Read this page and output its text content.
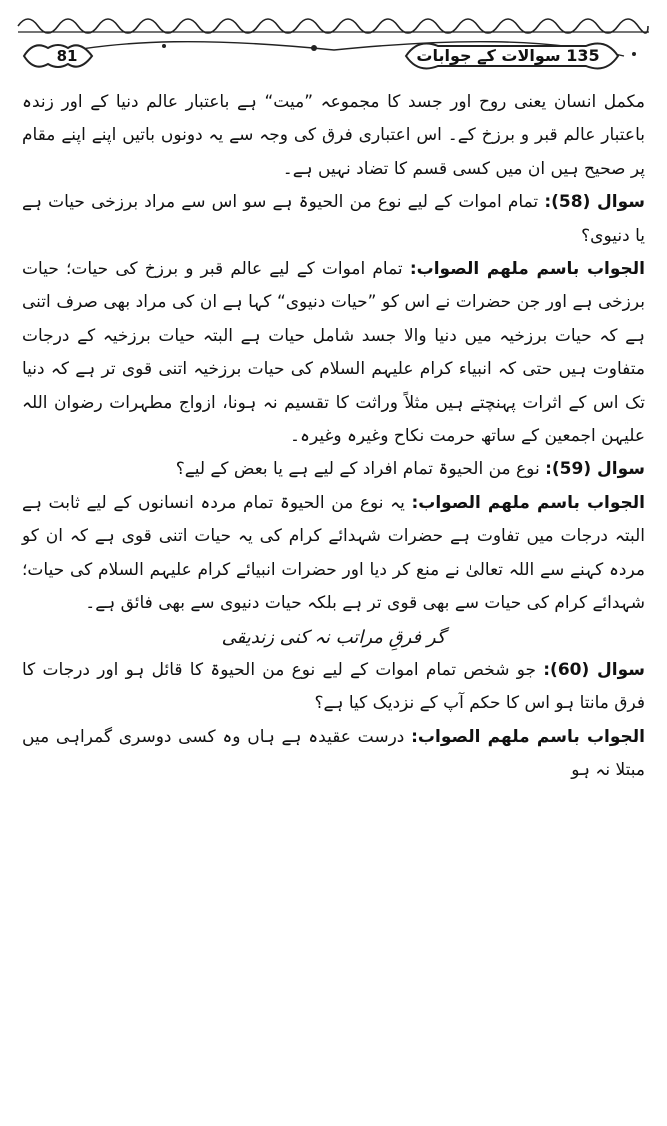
81	135 سوالات کے جوابات

مکمل انسان یعنی روح اور جسد کا مجموعہ ”میت“ ہے باعتبار عالم دنیا کے اور زندہ باعتبار عالم قبر و برزخ کے۔ اس اعتباری فرق کی وجہ سے یہ دونوں باتیں اپنے اپنے مقام پر صحیح ہیں ان میں کسی قسم کا تضاد نہیں ہے۔

سوال (58): تمام اموات کے لیے نوع من الحیوۃ ہے سو اس سے مراد برزخی حیات ہے یا دنیوی؟

الجواب باسم ملھم الصواب: تمام اموات کے لیے عالم قبر و برزخ کی حیات؛ حیات برزخی ہے اور جن حضرات نے اس کو ”حیات دنیوی“ کہا ہے ان کی مراد بھی صرف اتنی ہے کہ حیات برزخیہ میں دنیا والا جسد شامل حیات ہے البتہ حیات برزخیہ کے درجات متفاوت ہیں حتی کہ انبیاء کرام علیہم السلام کی حیات برزخیہ اتنی قوی تر ہے کہ دنیا تک اس کے اثرات پہنچتے ہیں مثلاً وراثت کا تقسیم نہ ہونا، ازواج مطہرات رضوان اللہ علیہن اجمعین کے ساتھ حرمت نکاح وغیرہ وغیرہ۔

سوال (59): نوع من الحیوۃ تمام افراد کے لیے ہے یا بعض کے لیے؟

الجواب باسم ملھم الصواب: یہ نوع من الحیوۃ تمام مردہ انسانوں کے لیے ثابت ہے البتہ درجات میں تفاوت ہے حضرات شہدائے کرام کی یہ حیات اتنی قوی ہے کہ ان کو مردہ کہنے سے اللہ تعالیٰ نے منع کر دیا اور حضرات انبیائے کرام علیہم السلام کی حیات؛ شہدائے کرام کی حیات سے بھی قوی تر ہے بلکہ حیات دنیوی سے بھی فائق ہے۔

گر فرقِ مراتب نہ کنی زندیقی

سوال (60): جو شخص تمام اموات کے لیے نوع من الحیوۃ کا قائل ہو اور درجات کا فرق مانتا ہو اس کا حکم آپ کے نزدیک کیا ہے؟

الجواب باسم ملھم الصواب: درست عقیدہ ہے ہاں وہ کسی دوسری گمراہی میں مبتلا نہ ہو
